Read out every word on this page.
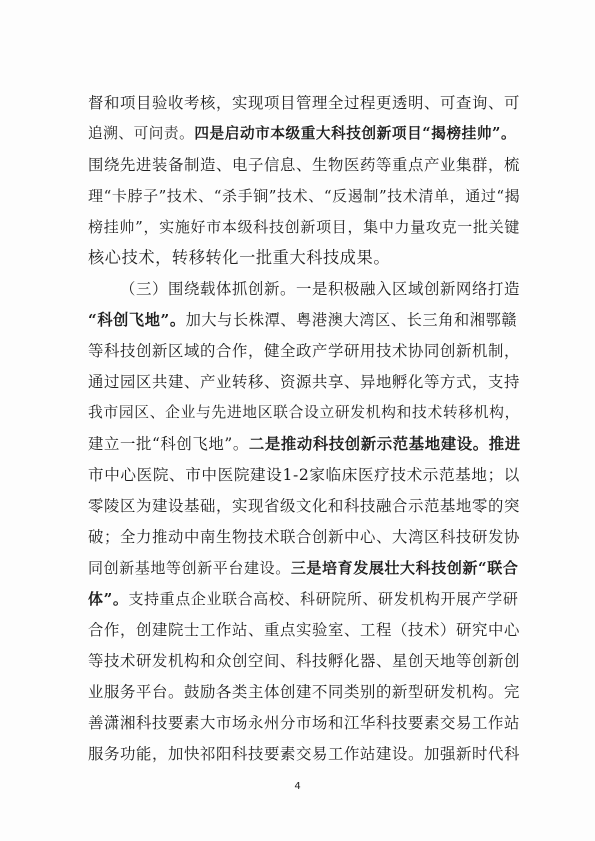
督和项目验收考核，实现项目管理全过程更透明、可查询、可
追溯、可问责。四是启动市本级重大科技创新项目“揭榜挂帅”。
围绕先进装备制造、电子信息、生物医药等重点产业集群，梳
理“卡脖子”技术、“杀手锏”技术、“反遏制”技术清单，通过“揭
榜挂帅”，实施好市本级科技创新项目，集中力量攻克一批关键
核心技术，转移转化一批重大科技成果。
（三）围绕载体抓创新。一是积极融入区域创新网络打造
“科创飞地”。加大与长株潭、粤港澳大湾区、长三角和湘鄂赣
等科技创新区域的合作，健全政产学研用技术协同创新机制，
通过园区共建、产业转移、资源共享、异地孵化等方式，支持
我市园区、企业与先进地区联合设立研发机构和技术转移机构，
建立一批“科创飞地”。二是推动科技创新示范基地建设。推进
市中心医院、市中医院建设1-2家临床医疗技术示范基地；以
零陵区为建设基础，实现省级文化和科技融合示范基地零的突
破；全力推动中南生物技术联合创新中心、大湾区科技研发协
同创新基地等创新平台建设。三是培育发展壮大科技创新“联合
体”。支持重点企业联合高校、科研院所、研发机构开展产学研
合作，创建院士工作站、重点实验室、工程（技术）研究中心
等技术研发机构和众创空间、科技孵化器、星创天地等创新创
业服务平台。鼓励各类主体创建不同类别的新型研发机构。完
善潇湘科技要素大市场永州分市场和江华科技要素交易工作站
服务功能，加快祁阳科技要素交易工作站建设。加强新时代科
4
